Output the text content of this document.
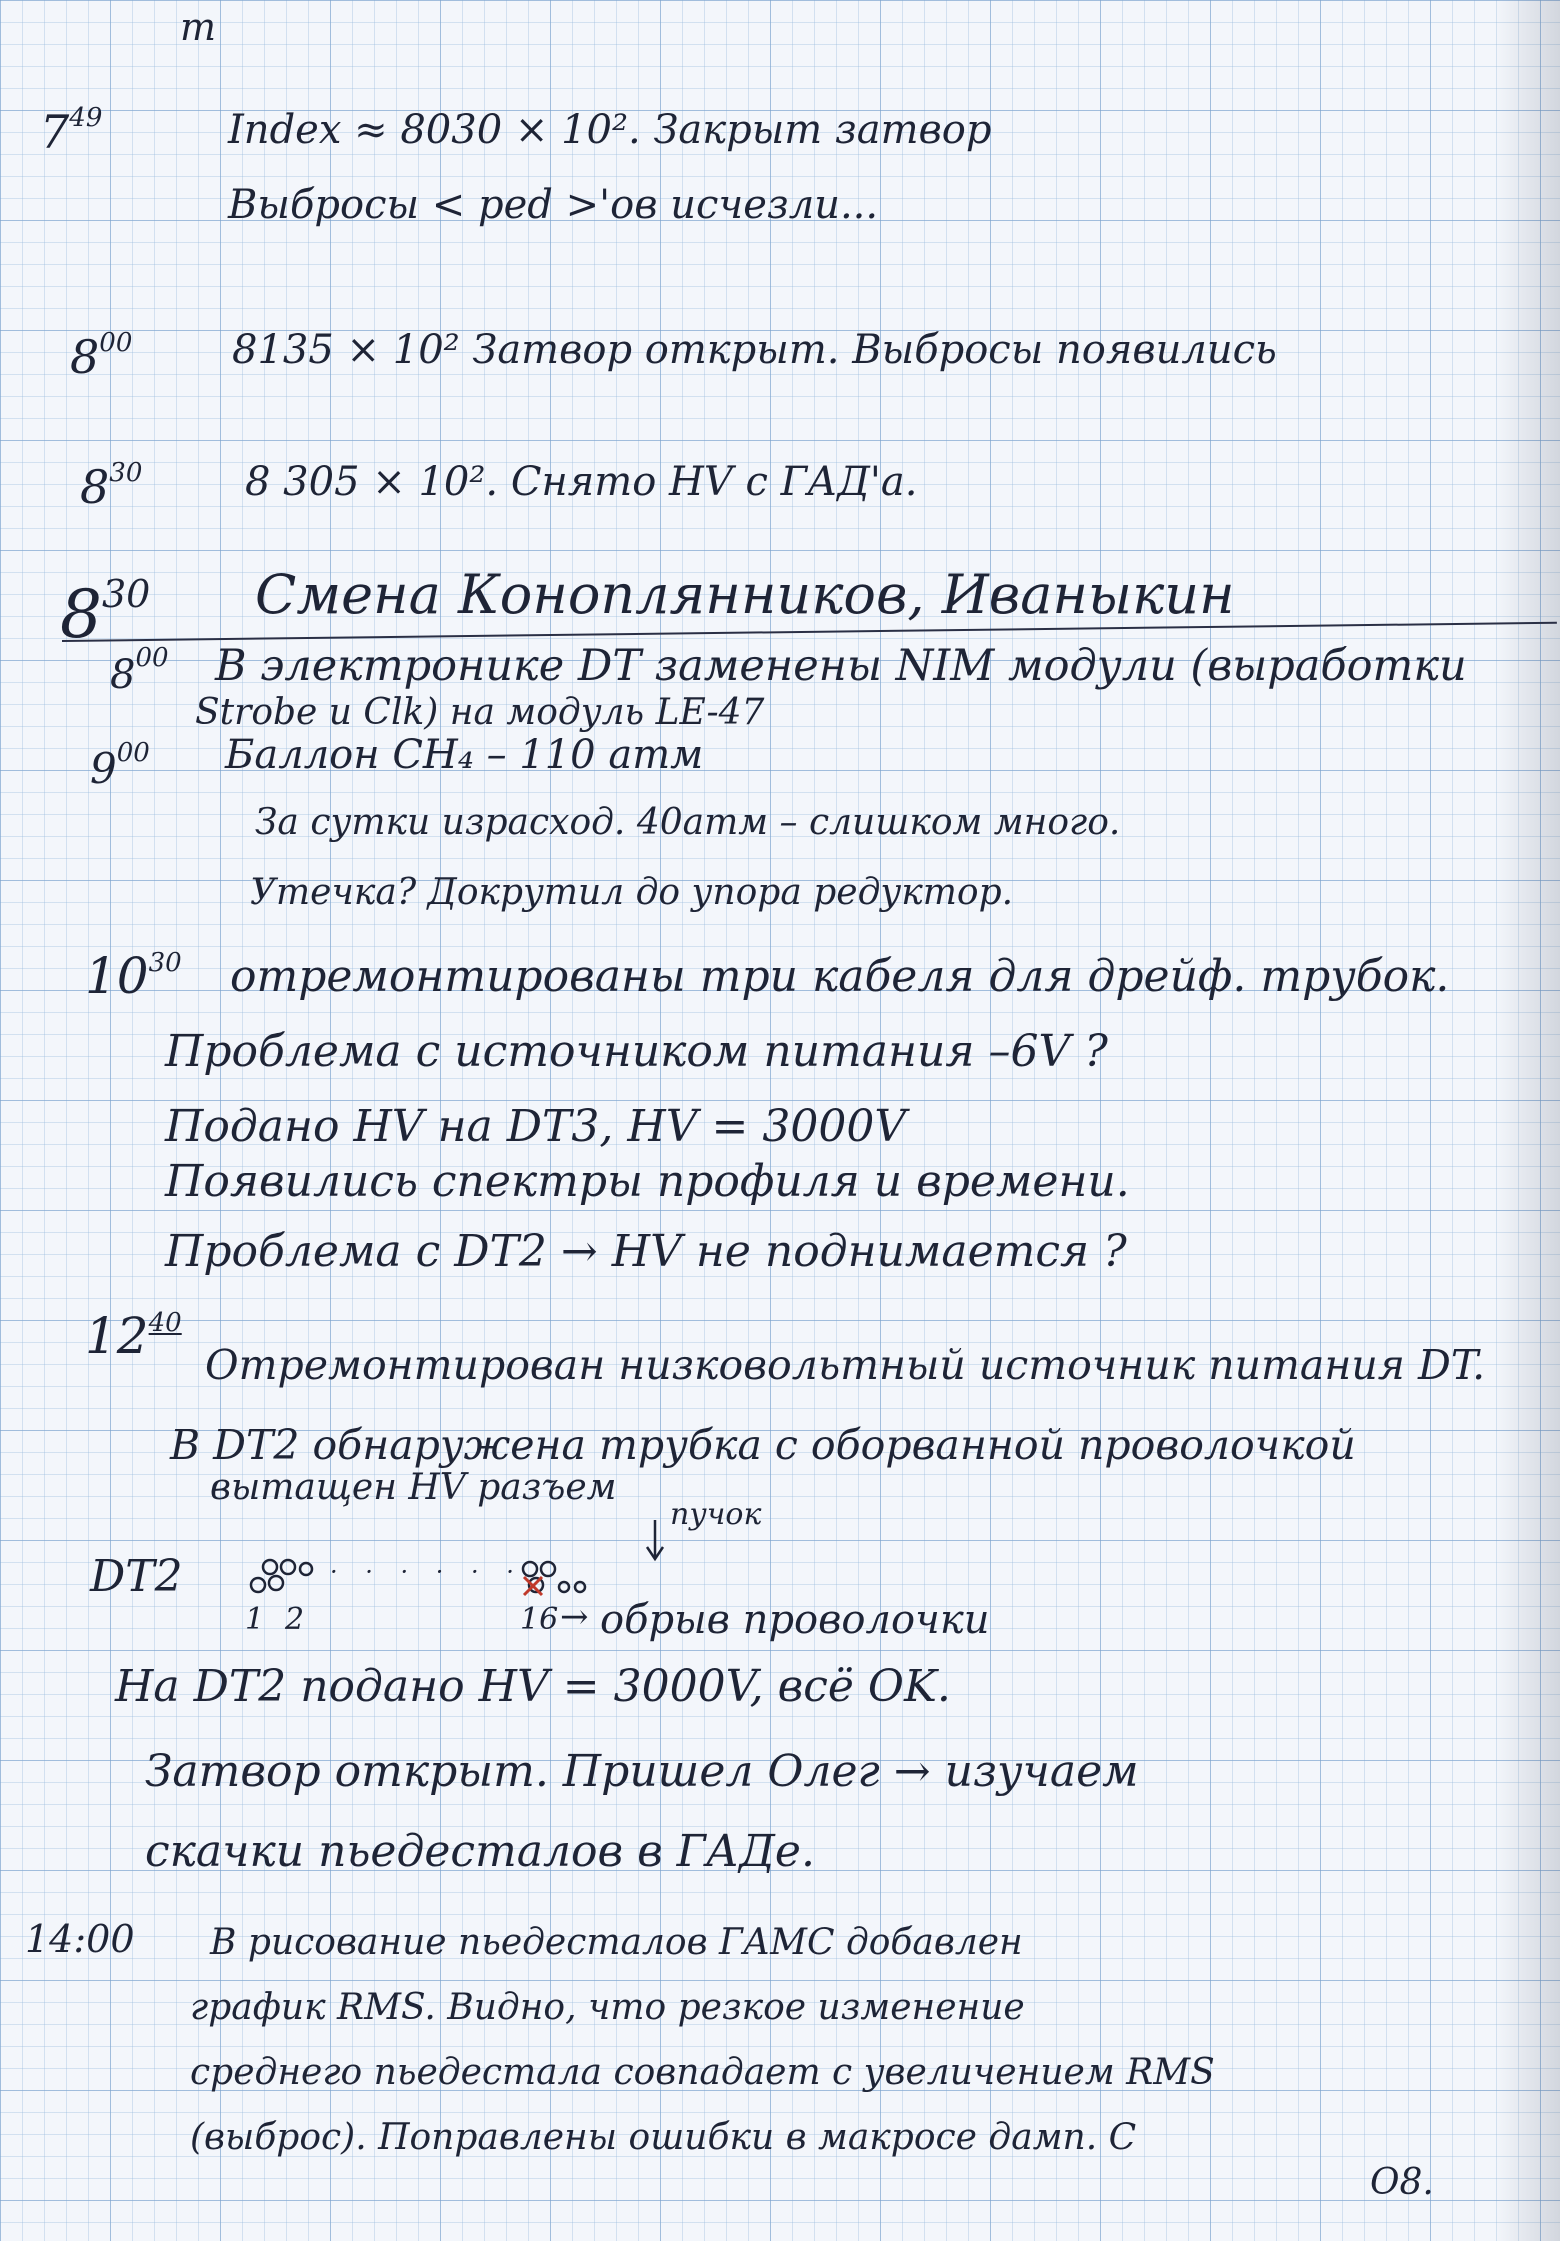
m
$7^{49}$	Index ≈ 8030 × 10². Закрыт затвор
Выбросы < ped >'ов исчезли...
$8^{00}$ 8135 × 10² Затвор открыт. Выбросы появились
$8^{30}$	8 305 × 10². Снято HV с ГАД'а.
$8^{30}$ Смена Коноплянников, Иваныкин
$8^{00}$ В электронике DT заменены NIM модули (выработки
Strobe и Clk) на модуль LE-47
$9^{00}$ Баллон CH₄ – 110 атм
За сутки израсход. 40атм – слишком много.
Утечка? Докрутил до упора редуктор.
$10^{30}$ отремонтированы три кабеля для дрейф. трубок.
Проблема с источником питания –6V ?
Подано HV на DT3, HV = 3000V
Появились спектры профиля и времени.
Проблема с DT2 → HV не поднимается ?
$12^{40}$
Отремонтирован низковольтный источник питания DT.
В DT2 обнаружена трубка с оборванной проволочкой
вытащен HV разъем
DT2	· · · · · ·
пучок
1 2	16 → обрыв проволочки
На DT2 подано HV = 3000V, всё OK.
Затвор открыт. Пришел Олег → изучаем
скачки пьедесталов в ГАДе.
14:00 В рисование пьедесталов ГАМС добавлен
график RMS. Видно, что резкое изменение
среднего пьедестала совпадает с увеличением RMS
(выброс). Поправлены ошибки в макросе дамп. С
O8.
